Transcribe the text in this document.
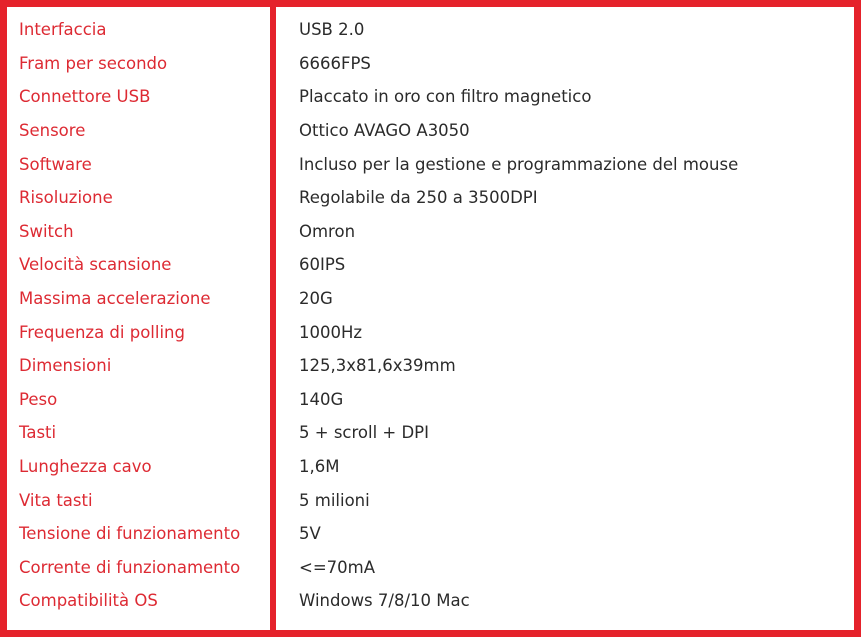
Interfaccia
Fram per secondo
Connettore USB
Sensore
Software
Risoluzione
Switch
Velocità scansione
Massima accelerazione
Frequenza di polling
Dimensioni
Peso
Tasti
Lunghezza cavo
Vita tasti
Tensione di funzionamento
Corrente di funzionamento
Compatibilità OS
USB 2.0
6666FPS
Placcato in oro con filtro magnetico
Ottico AVAGO A3050
Incluso per la gestione e programmazione del mouse
Regolabile da 250 a 3500DPI
Omron
60IPS
20G
1000Hz
125,3x81,6x39mm
140G
5 + scroll + DPI
1,6M
5 milioni
5V
<=70mA
Windows 7/8/10 Mac
